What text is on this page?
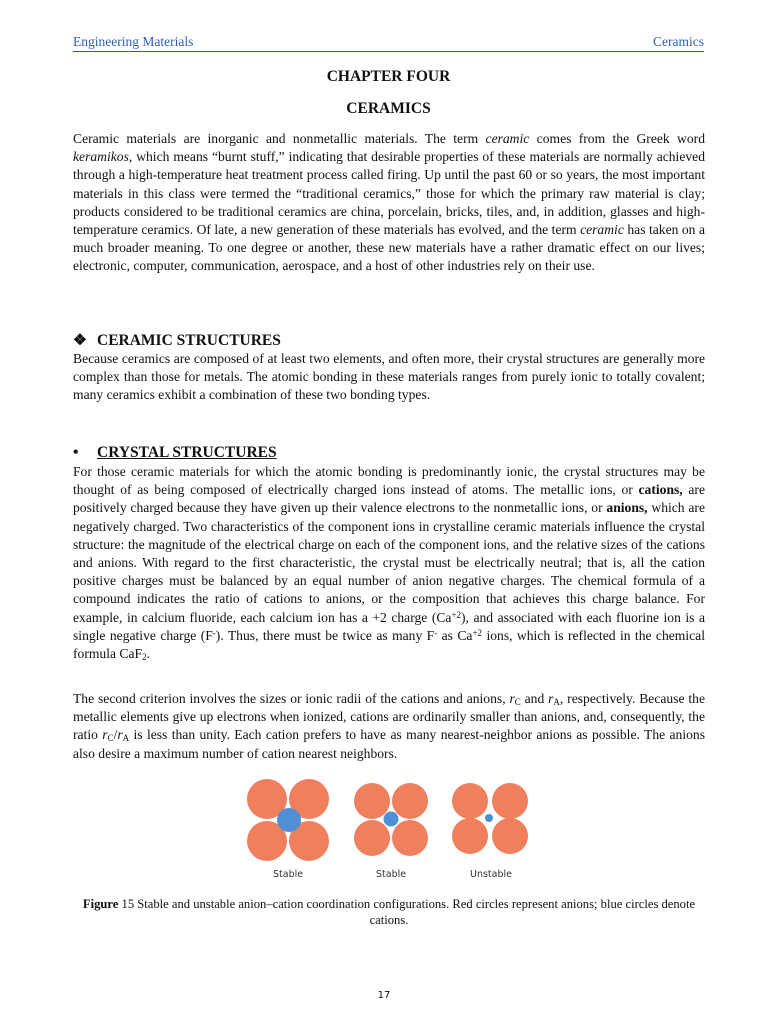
Engineering Materials	Ceramics
CHAPTER FOUR
CERAMICS
Ceramic materials are inorganic and nonmetallic materials. The term ceramic comes from the Greek word keramikos, which means “burnt stuff,” indicating that desirable properties of these materials are normally achieved through a high-temperature heat treatment process called firing. Up until the past 60 or so years, the most important materials in this class were termed the “traditional ceramics,” those for which the primary raw material is clay; products considered to be traditional ceramics are china, porcelain, bricks, tiles, and, in addition, glasses and high-temperature ceramics. Of late, a new generation of these materials has evolved, and the term ceramic has taken on a much broader meaning. To one degree or another, these new materials have a rather dramatic effect on our lives; electronic, computer, communication, aerospace, and a host of other industries rely on their use.
❖ CERAMIC STRUCTURES
Because ceramics are composed of at least two elements, and often more, their crystal structures are generally more complex than those for metals. The atomic bonding in these materials ranges from purely ionic to totally covalent; many ceramics exhibit a combination of these two bonding types.
• CRYSTAL STRUCTURES
For those ceramic materials for which the atomic bonding is predominantly ionic, the crystal structures may be thought of as being composed of electrically charged ions instead of atoms. The metallic ions, or cations, are positively charged because they have given up their valence electrons to the nonmetallic ions, or anions, which are negatively charged. Two characteristics of the component ions in crystalline ceramic materials influence the crystal structure: the magnitude of the electrical charge on each of the component ions, and the relative sizes of the cations and anions. With regard to the first characteristic, the crystal must be electrically neutral; that is, all the cation positive charges must be balanced by an equal number of anion negative charges. The chemical formula of a compound indicates the ratio of cations to anions, or the composition that achieves this charge balance. For example, in calcium fluoride, each calcium ion has a +2 charge $(Ca^{+2})$, and associated with each fluorine ion is a single negative charge (F-). Thus, there must be twice as many F- as $Ca^{+2}$ ions, which is reflected in the chemical formula CaF$_2$.
The second criterion involves the sizes or ionic radii of the cations and anions, $r_C$ and $r_A$, respectively. Because the metallic elements give up electrons when ionized, cations are ordinarily smaller than anions, and, consequently, the ratio $r_C/r_A$ is less than unity. Each cation prefers to have as many nearest-neighbor anions as possible. The anions also desire a maximum number of cation nearest neighbors.
Stable	Stable	Unstable
Figure 15 Stable and unstable anion–cation coordination configurations. Red circles represent anions; blue circles denote cations.
17
